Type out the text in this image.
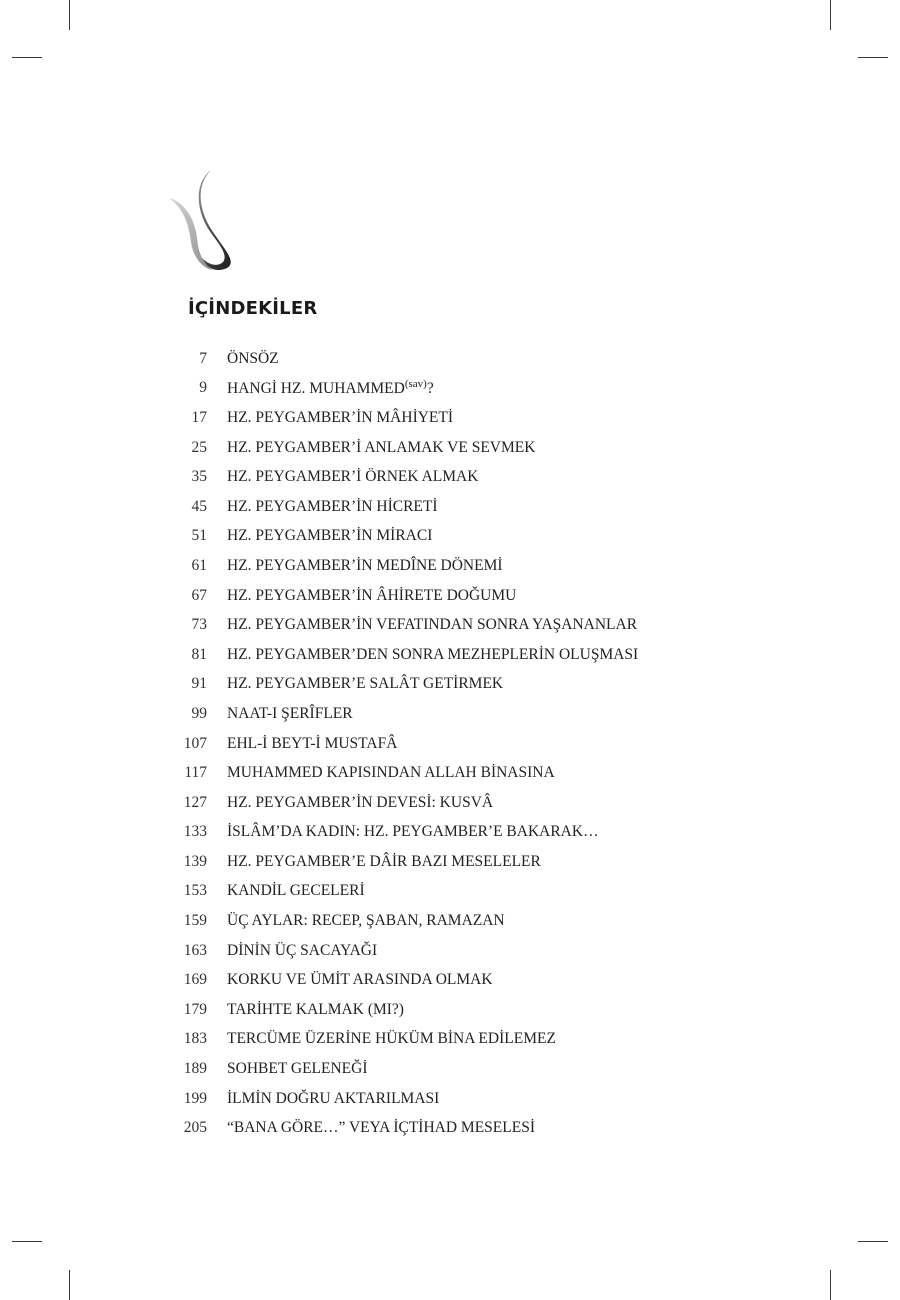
İÇİNDEKİLER
7 ÖNSÖZ
9 HANGİ HZ. $MUHAMMED^{(sav)}$?
17 HZ. PEYGAMBER’İN MÂHİYETİ
25 HZ. PEYGAMBER’İ ANLAMAK VE SEVMEK
35 HZ. PEYGAMBER’İ ÖRNEK ALMAK
45 HZ. PEYGAMBER’İN HİCRETİ
51 HZ. PEYGAMBER’İN MİRACI
61 HZ. PEYGAMBER’İN MEDÎNE DÖNEMİ
67 HZ. PEYGAMBER’İN ÂHİRETE DOĞUMU
73 HZ. PEYGAMBER’İN VEFATINDAN SONRA YAŞANANLAR
81 HZ. PEYGAMBER’DEN SONRA MEZHEPLERİN OLUŞMASI
91 HZ. PEYGAMBER’E SALÂT GETİRMEK
99 NAAT-I ŞERÎFLER
107 EHL-İ BEYT-İ MUSTAFÂ
117 MUHAMMED KAPISINDAN ALLAH BİNASINA
127 HZ. PEYGAMBER’İN DEVESİ: KUSVÂ
133 İSLÂM’DA KADIN: HZ. PEYGAMBER’E BAKARAK…
139 HZ. PEYGAMBER’E DÂİR BAZI MESELELER
153 KANDİL GECELERİ
159 ÜÇ AYLAR: RECEP, ŞABAN, RAMAZAN
163 DİNİN ÜÇ SACAYAĞI
169 KORKU VE ÜMİT ARASINDA OLMAK
179 TARİHTE KALMAK (MI?)
183 TERCÜME ÜZERİNE HÜKÜM BİNA EDİLEMEZ
189 SOHBET GELENEĞİ
199 İLMİN DOĞRU AKTARILMASI
205 “BANA GÖRE…” VEYA İÇTİHAD MESELESİ
